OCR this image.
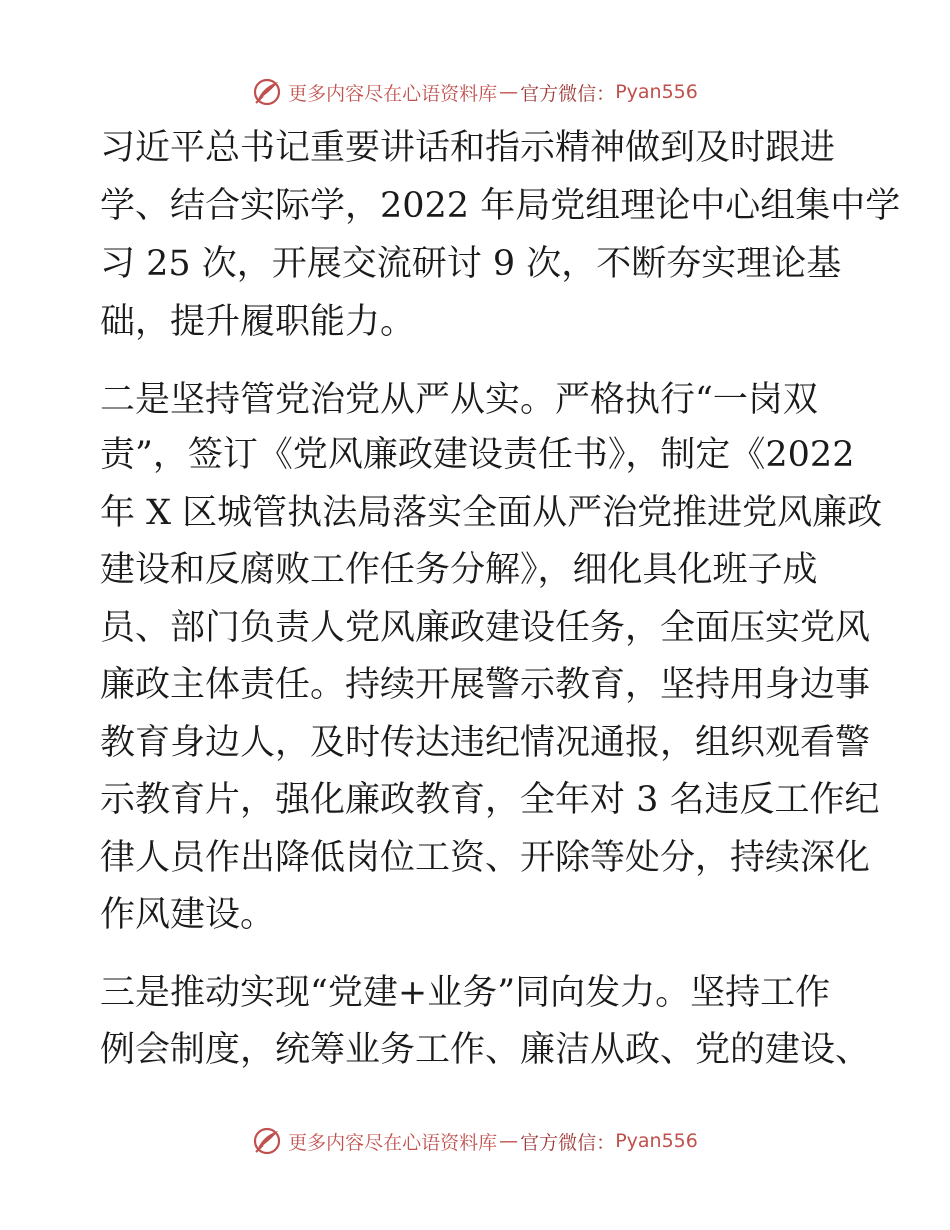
更多内容尽在心语资料库 — 官方微信： Pyan556
习近平总书记重要讲话和指示精神做到及时跟进
学、结合实际学，2022 年局党组理论中心组集中学
习 25 次，开展交流研讨 9 次，不断夯实理论基
础，提升履职能力。
二是坚持管党治党从严从实。严格执行“一岗双
责”，签订《党风廉政建设责任书》，制定《2022
年 X 区城管执法局落实全面从严治党推进党风廉政
建设和反腐败工作任务分解》，细化具化班子成
员、部门负责人党风廉政建设任务，全面压实党风
廉政主体责任。持续开展警示教育，坚持用身边事
教育身边人，及时传达违纪情况通报，组织观看警
示教育片，强化廉政教育，全年对 3 名违反工作纪
律人员作出降低岗位工资、开除等处分，持续深化
作风建设。
三是推动实现“党建+业务”同向发力。坚持工作
例会制度，统筹业务工作、廉洁从政、党的建设、
更多内容尽在心语资料库 — 官方微信： Pyan556
